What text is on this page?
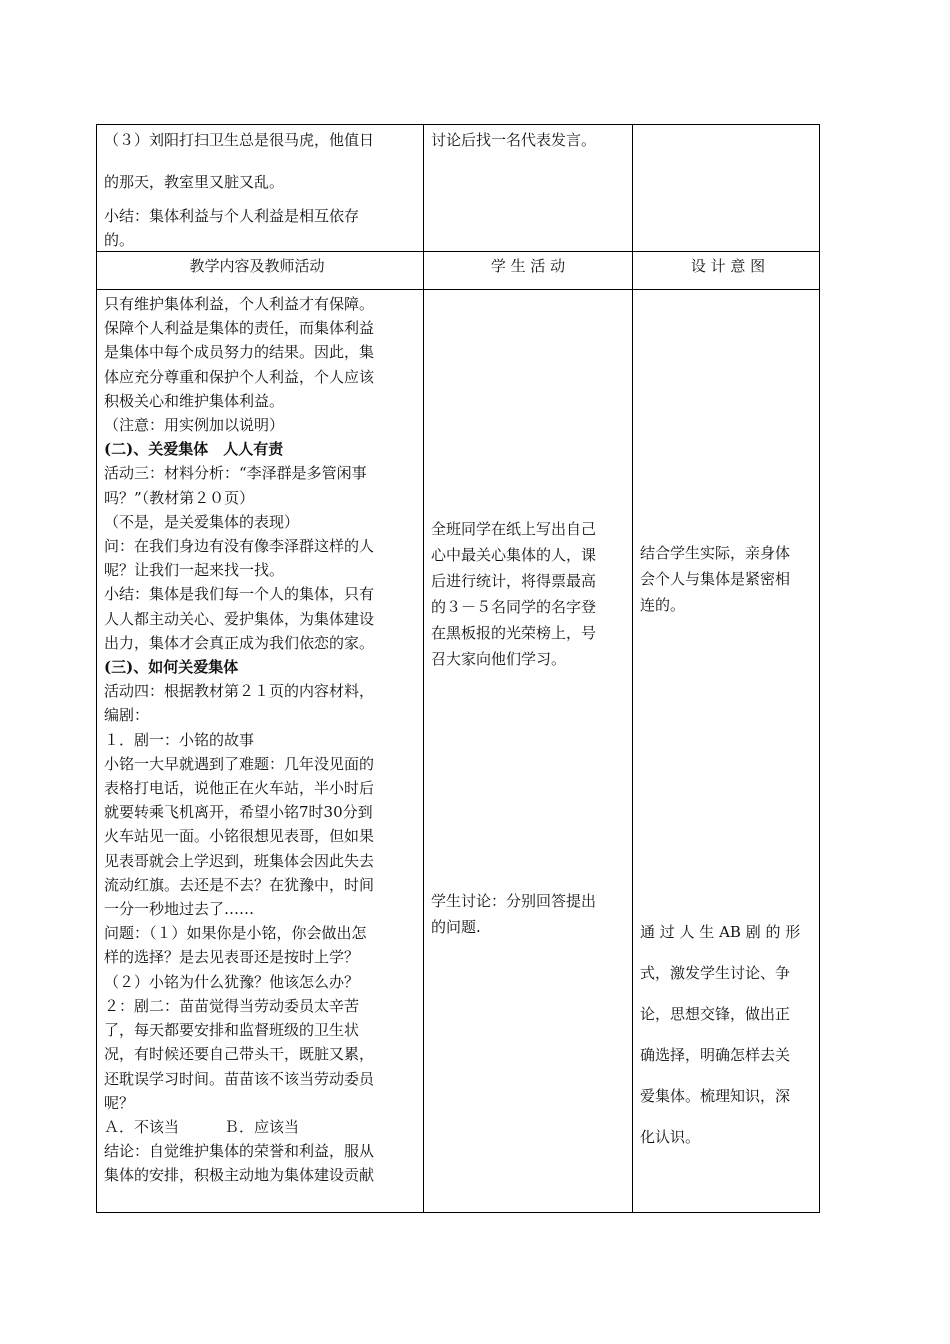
（３）刘阳打扫卫生总是很马虎，他值日

的那天，教室里又脏又乱。

小结：集体利益与个人利益是相互依存

的。

讨论后找一名代表发言。

教学内容及教师活动	学 生 活 动	设 计 意 图

只有维护集体利益，个人利益才有保障。

保障个人利益是集体的责任，而集体利益

是集体中每个成员努力的结果。因此，集

体应充分尊重和保护个人利益，个人应该

积极关心和维护集体利益。

（注意：用实例加以说明）

(二)、关爱集体　人人有责

活动三：材料分析：“李泽群是多管闲事

吗？”（教材第２０页）

（不是，是关爱集体的表现）

问：在我们身边有没有像李泽群这样的人

呢？让我们一起来找一找。

小结：集体是我们每一个人的集体，只有

人人都主动关心、爱护集体，为集体建设

出力，集体才会真正成为我们依恋的家。

(三)、如何关爱集体

活动四：根据教材第２１页的内容材料，

编剧：

１．剧一：小铭的故事

小铭一大早就遇到了难题：几年没见面的

表格打电话，说他正在火车站，半小时后

就要转乘飞机离开，希望小铭7时30分到

火车站见一面。小铭很想见表哥，但如果

见表哥就会上学迟到，班集体会因此失去

流动红旗。去还是不去？在犹豫中，时间

一分一秒地过去了……

问题：（１）如果你是小铭，你会做出怎

样的选择？是去见表哥还是按时上学？

（２）小铭为什么犹豫？他该怎么办？

２：剧二：苗苗觉得当劳动委员太辛苦

了，每天都要安排和监督班级的卫生状

况，有时候还要自己带头干，既脏又累，

还耽误学习时间。苗苗该不该当劳动委员

呢？

Ａ．不该当　　　Ｂ．应该当

结论：自觉维护集体的荣誉和利益，服从

集体的安排，积极主动地为集体建设贡献

全班同学在纸上写出自己

心中最关心集体的人，课

后进行统计，将得票最高

的３－５名同学的名字登

在黑板报的光荣榜上，号

召大家向他们学习。

学生讨论：分别回答提出

的问题.

结合学生实际，亲身体

会个人与集体是紧密相

连的。

通 过 人 生 AB 剧 的 形

式，激发学生讨论、争

论，思想交锋，做出正

确选择，明确怎样去关

爱集体。梳理知识，深

化认识。
